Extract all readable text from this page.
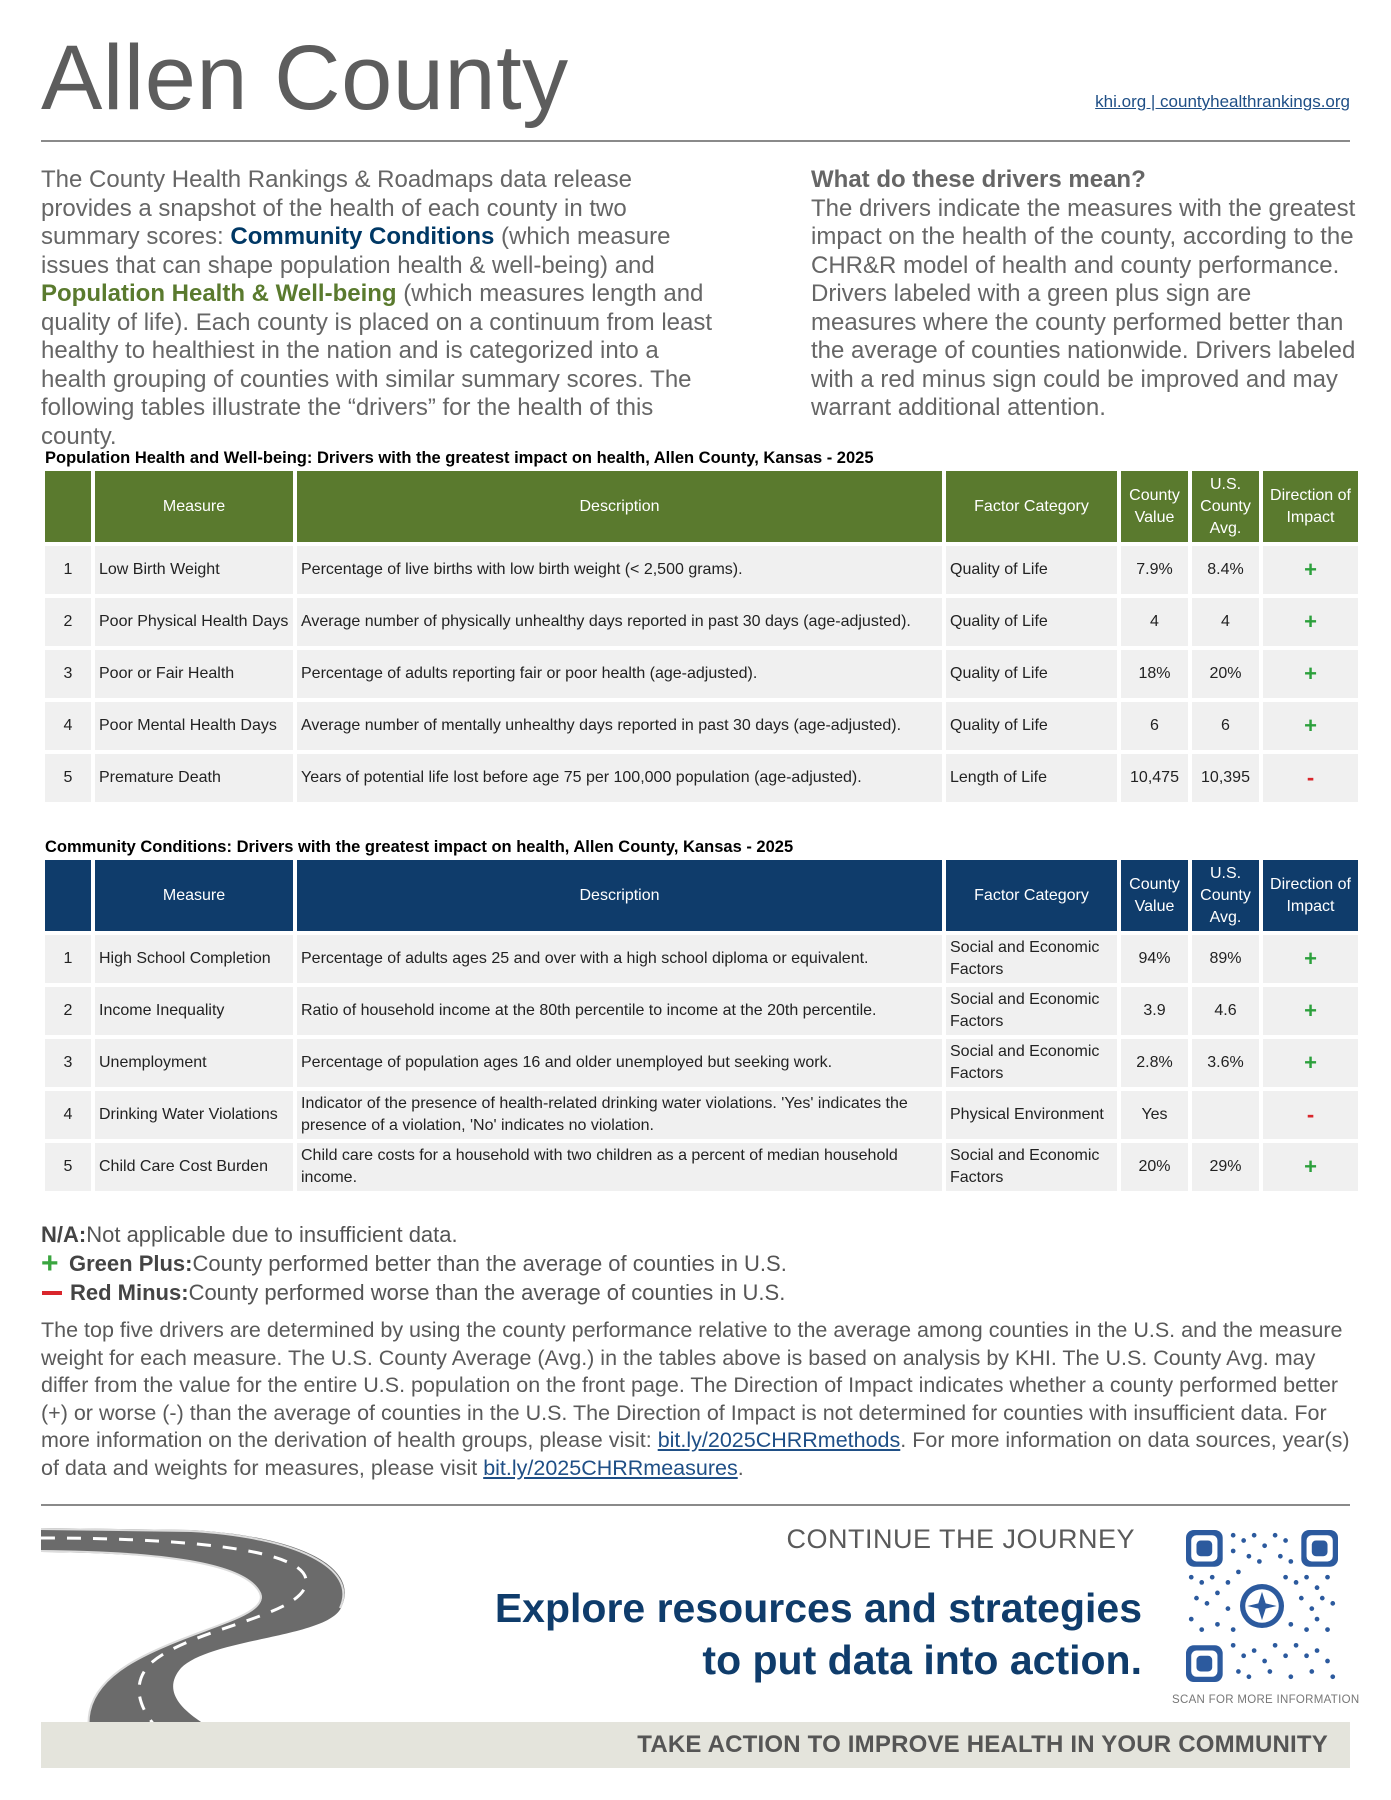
Allen County	khi.org | countyhealthrankings.org
The County Health Rankings & Roadmaps data release provides a snapshot of the health of each county in two summary scores: Community Conditions (which measure issues that can shape population health & well-being) and Population Health & Well-being (which measures length and quality of life). Each county is placed on a continuum from least healthy to healthiest in the nation and is categorized into a health grouping of counties with similar summary scores. The following tables illustrate the “drivers” for the health of this county.
What do these drivers mean?
The drivers indicate the measures with the greatest impact on the health of the county, according to the CHR&R model of health and county performance. Drivers labeled with a green plus sign are measures where the county performed better than the average of counties nationwide. Drivers labeled with a red minus sign could be improved and may warrant additional attention.
Population Health and Well-being: Drivers with the greatest impact on health, Allen County, Kansas - 2025
	Measure	Description	Factor Category	County Value	U.S. County Avg.	Direction of Impact
1	Low Birth Weight	Percentage of live births with low birth weight (< 2,500 grams).	Quality of Life	7.9%	8.4%	+
2	Poor Physical Health Days	Average number of physically unhealthy days reported in past 30 days (age-adjusted).	Quality of Life	4	4	+
3	Poor or Fair Health	Percentage of adults reporting fair or poor health (age-adjusted).	Quality of Life	18%	20%	+
4	Poor Mental Health Days	Average number of mentally unhealthy days reported in past 30 days (age-adjusted).	Quality of Life	6	6	+
5	Premature Death	Years of potential life lost before age 75 per 100,000 population (age-adjusted).	Length of Life	10,475	10,395	-
Community Conditions: Drivers with the greatest impact on health, Allen County, Kansas - 2025
	Measure	Description	Factor Category	County Value	U.S. County Avg.	Direction of Impact
1	High School Completion	Percentage of adults ages 25 and over with a high school diploma or equivalent.	Social and Economic Factors	94%	89%	+
2	Income Inequality	Ratio of household income at the 80th percentile to income at the 20th percentile.	Social and Economic Factors	3.9	4.6	+
3	Unemployment	Percentage of population ages 16 and older unemployed but seeking work.	Social and Economic Factors	2.8%	3.6%	+
4	Drinking Water Violations	Indicator of the presence of health-related drinking water violations. 'Yes' indicates the presence of a violation, 'No' indicates no violation.	Physical Environment	Yes		-
5	Child Care Cost Burden	Child care costs for a household with two children as a percent of median household income.	Social and Economic Factors	20%	29%	+
N/A: Not applicable due to insufficient data.
+ Green Plus: County performed better than the average of counties in U.S.
Red Minus: County performed worse than the average of counties in U.S.
The top five drivers are determined by using the county performance relative to the average among counties in the U.S. and the measure weight for each measure. The U.S. County Average (Avg.) in the tables above is based on analysis by KHI. The U.S. County Avg. may differ from the value for the entire U.S. population on the front page. The Direction of Impact indicates whether a county performed better (+) or worse (-) than the average of counties in the U.S. The Direction of Impact is not determined for counties with insufficient data. For more information on the derivation of health groups, please visit: bit.ly/2025CHRRmethods. For more information on data sources, year(s) of data and weights for measures, please visit bit.ly/2025CHRRmeasures.
CONTINUE THE JOURNEY
Explore resources and strategies
to put data into action.
SCAN FOR MORE INFORMATION
TAKE ACTION TO IMPROVE HEALTH IN YOUR COMMUNITY
